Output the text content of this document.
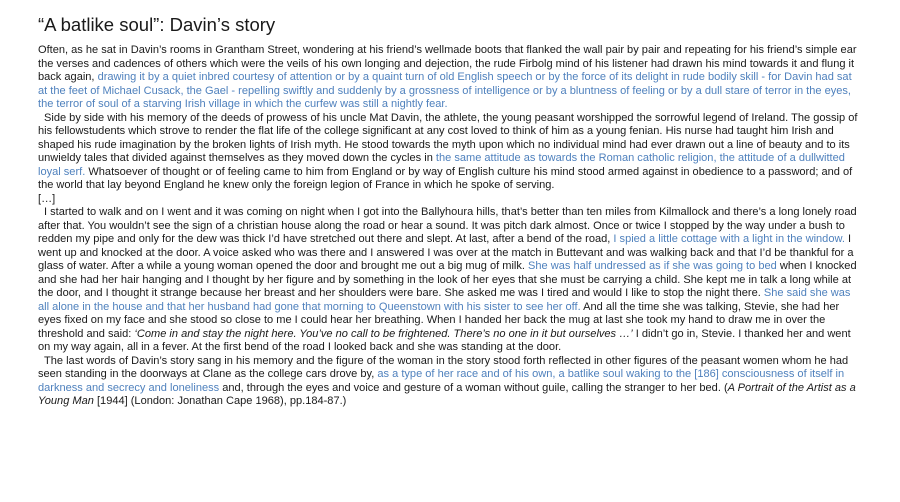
“A batlike soul”: Davin’s story

Often, as he sat in Davin’s rooms in Grantham Street, wondering at his friend’s wellmade boots that flanked the wall pair by pair and repeating for his friend’s simple ear the verses and cadences of others which were the veils of his own longing and dejection, the rude Firbolg mind of his listener had drawn his mind towards it and flung it back again, drawing it by a quiet inbred courtesy of attention or by a quaint turn of old English speech or by the force of its delight in rude bodily skill - for Davin had sat at the feet of Michael Cusack, the Gael - repelling swiftly and suddenly by a grossness of intelligence or by a bluntness of feeling or by a dull stare of terror in the eyes, the terror of soul of a starving Irish village in which the curfew was still a nightly fear.

Side by side with his memory of the deeds of prowess of his uncle Mat Davin, the athlete, the young peasant worshipped the sorrowful legend of Ireland. The gossip of his fellowstudents which strove to render the flat life of the college significant at any cost loved to think of him as a young fenian. His nurse had taught him Irish and shaped his rude imagination by the broken lights of Irish myth. He stood towards the myth upon which no individual mind had ever drawn out a line of beauty and to its unwieldy tales that divided against themselves as they moved down the cycles in the same attitude as towards the Roman catholic religion, the attitude of a dullwitted loyal serf. Whatsoever of thought or of feeling came to him from England or by way of English culture his mind stood armed against in obedience to a password; and of the world that lay beyond England he knew only the foreign legion of France in which he spoke of serving.

[…]

I started to walk and on I went and it was coming on night when I got into the Ballyhoura hills, that’s better than ten miles from Kilmallock and there’s a long lonely road after that. You wouldn’t see the sign of a christian house along the road or hear a sound. It was pitch dark almost. Once or twice I stopped by the way under a bush to redden my pipe and only for the dew was thick I’d have stretched out there and slept. At last, after a bend of the road, I spied a little cottage with a light in the window. I went up and knocked at the door. A voice asked who was there and I answered I was over at the match in Buttevant and was walking back and that I’d be thankful for a glass of water. After a while a young woman opened the door and brought me out a big mug of milk. She was half undressed as if she was going to bed when I knocked and she had her hair hanging and I thought by her figure and by something in the look of her eyes that she must be carrying a child. She kept me in talk a long while at the door, and I thought it strange because her breast and her shoulders were bare. She asked me was I tired and would I like to stop the night there. She said she was all alone in the house and that her husband had gone that morning to Queenstown with his sister to see her off. And all the time she was talking, Stevie, she had her eyes fixed on my face and she stood so close to me I could hear her breathing. When I handed her back the mug at last she took my hand to draw me in over the threshold and said: ‘Come in and stay the night here. You’ve no call to be frightened. There’s no one in it but ourselves …’ I didn’t go in, Stevie. I thanked her and went on my way again, all in a fever. At the first bend of the road I looked back and she was standing at the door.

The last words of Davin’s story sang in his memory and the figure of the woman in the story stood forth reflected in other figures of the peasant women whom he had seen standing in the doorways at Clane as the college cars drove by, as a type of her race and of his own, a batlike soul waking to the [186] consciousness of itself in darkness and secrecy and loneliness and, through the eyes and voice and gesture of a woman without guile, calling the stranger to her bed. (A Portrait of the Artist as a Young Man [1944] (London: Jonathan Cape 1968), pp.184-87.)
